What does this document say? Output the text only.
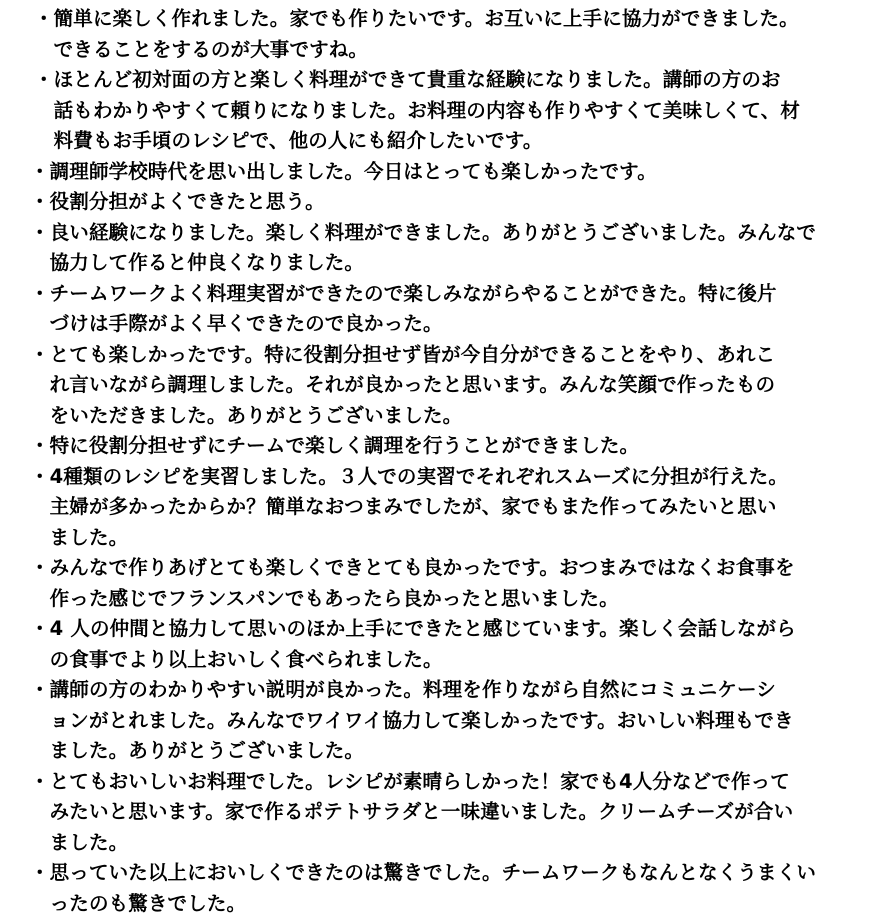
・ 簡単に楽しく作れました。家でも作りたいです。お互いに上手に協力ができました。
できることをするのが大事ですね。
・ ほとんど初対面の方と楽しく料理ができて貴重な経験になりました。講師の方のお
話もわかりやすくて頼りになりました。お料理の内容も作りやすくて美味しくて、材
料費もお手頃のレシピで、他の人にも紹介したいです。
・ 調理師学校時代を思い出しました。今日はとっても楽しかったです。
・ 役割分担がよくできたと思う。
・ 良い経験になりました。楽しく料理ができました。ありがとうございました。みんなで
協力して作ると仲良くなりました。
・ チームワークよく料理実習ができたので楽しみながらやることができた。特に後片
づけは手際がよく早くできたので良かった。
・ とても楽しかったです。特に役割分担せず皆が今自分ができることをやり、あれこ
れ言いながら調理しました。それが良かったと思います。みんな笑顔で作ったもの
をいただきました。ありがとうございました。
・ 特に役割分担せずにチームで楽しく調理を行うことができました。
・ 4種類のレシピを実習しました。３人での実習でそれぞれスムーズに分担が行えた。
主婦が多かったからか？簡単なおつまみでしたが、家でもまた作ってみたいと思い
ました。
・ みんなで作りあげとても楽しくできとても良かったです。おつまみではなくお食事を
作った感じでフランスパンでもあったら良かったと思いました。
・ 4 人の仲間と協力して思いのほか上手にできたと感じています。楽しく会話しながら
の食事でより以上おいしく食べられました。
・ 講師の方のわかりやすい説明が良かった。料理を作りながら自然にコミュニケーシ
ョンがとれました。みんなでワイワイ協力して楽しかったです。おいしい料理もでき
ました。ありがとうございました。
・ とてもおいしいお料理でした。レシピが素晴らしかった！家でも4人分などで作って
みたいと思います。家で作るポテトサラダと一味違いました。クリームチーズが合い
ました。
・ 思っていた以上においしくできたのは驚きでした。チームワークもなんとなくうまくい
ったのも驚きでした。
